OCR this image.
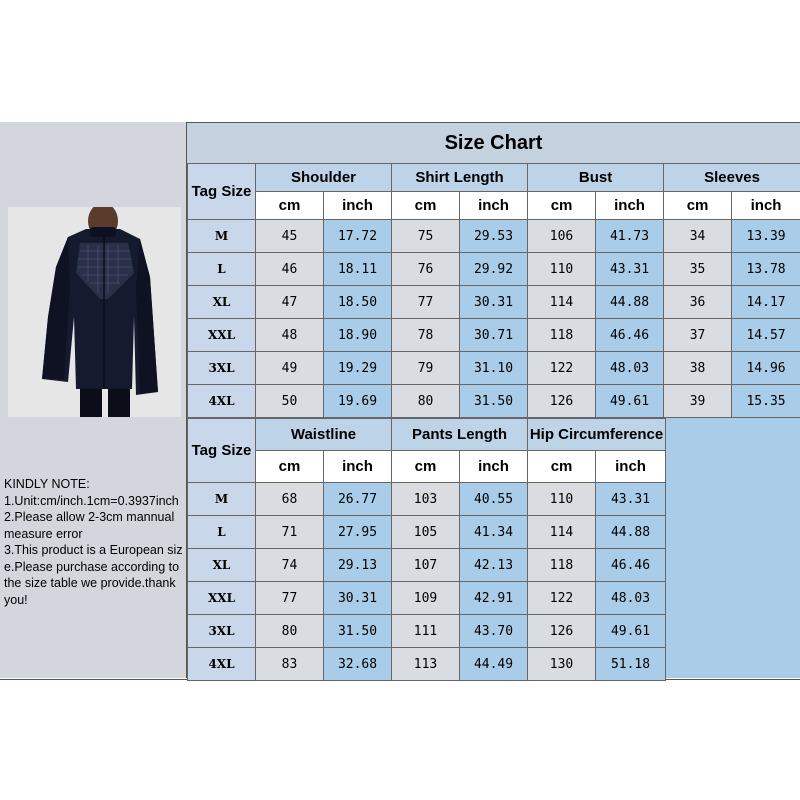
KINDLY NOTE:
1.Unit:cm/inch.1cm=0.3937inch
2.Please allow 2-3cm mannual measure error
3.This product is a European size.Please purchase according to the size table we provide.thank you!
Size Chart
Tag Size	Shoulder		Shirt Length		Bust		Sleeves	
	cm	inch	cm	inch	cm	inch	cm	inch
M	45	17.72	75	29.53	106	41.73	34	13.39
L	46	18.11	76	29.92	110	43.31	35	13.78
XL	47	18.50	77	30.31	114	44.88	36	14.17
XXL	48	18.90	78	30.71	118	46.46	37	14.57
3XL	49	19.29	79	31.10	122	48.03	38	14.96
4XL	50	19.69	80	31.50	126	49.61	39	15.35
Tag Size	Waistline		Pants Length		Hip Circumference	
	cm	inch	cm	inch	cm	inch
M	68	26.77	103	40.55	110	43.31
L	71	27.95	105	41.34	114	44.88
XL	74	29.13	107	42.13	118	46.46
XXL	77	30.31	109	42.91	122	48.03
3XL	80	31.50	111	43.70	126	49.61
4XL	83	32.68	113	44.49	130	51.18
